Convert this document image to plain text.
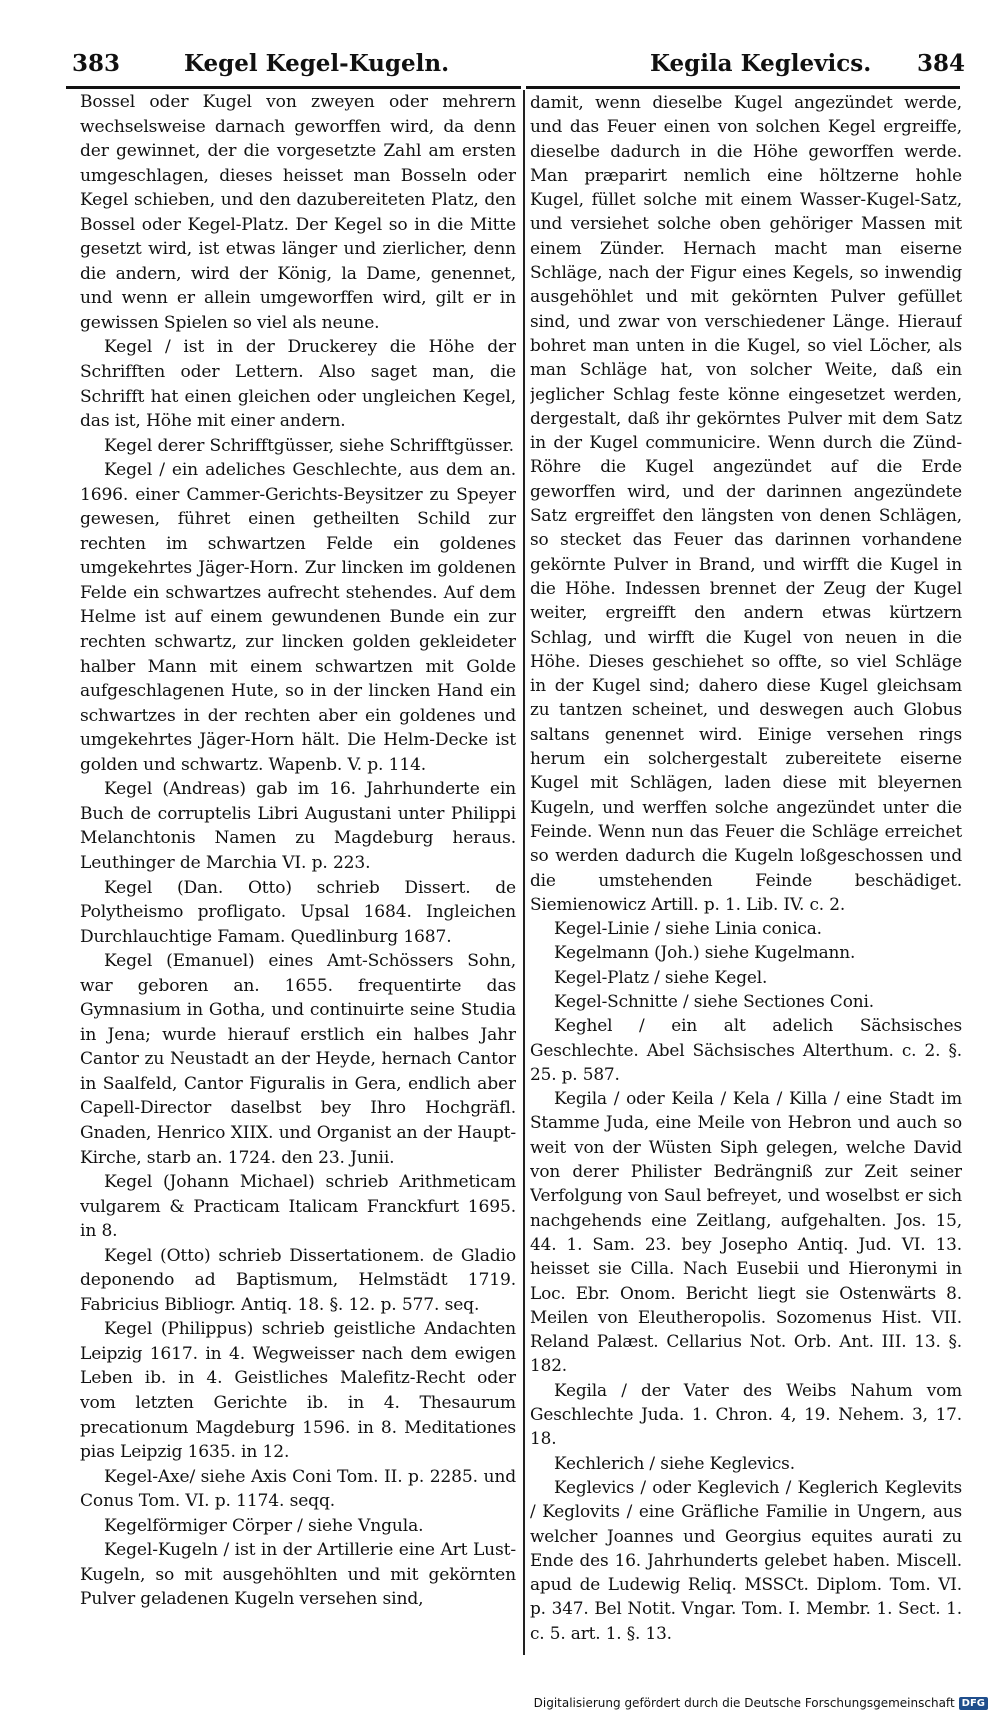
383	Kegel Kegel-Kugeln.	Kegila Keglevics. 384

Bossel oder Kugel von zweyen oder mehrern wechselsweise darnach geworffen wird, da denn der gewinnet, der die vorgesetzte Zahl am ersten umgeschlagen, dieses heisset man Bosseln oder Kegel schieben, und den dazubereiteten Platz, den Bossel oder Kegel-Platz. Der Kegel so in die Mitte gesetzt wird, ist etwas länger und zierlicher, denn die andern, wird der König, la Dame, genennet, und wenn er allein umgeworffen wird, gilt er in gewissen Spielen so viel als neune.

Kegel / ist in der Druckerey die Höhe der Schrifften oder Lettern. Also saget man, die Schrifft hat einen gleichen oder ungleichen Kegel, das ist, Höhe mit einer andern.

Kegel derer Schrifftgüsser, siehe Schrifftgüsser.

Kegel / ein adeliches Geschlechte, aus dem an. 1696. einer Cammer-Gerichts-Beysitzer zu Speyer gewesen, führet einen getheilten Schild zur rechten im schwartzen Felde ein goldenes umgekehrtes Jäger-Horn. Zur lincken im goldenen Felde ein schwartzes aufrecht stehendes. Auf dem Helme ist auf einem gewundenen Bunde ein zur rechten schwartz, zur lincken golden gekleideter halber Mann mit einem schwartzen mit Golde aufgeschlagenen Hute, so in der lincken Hand ein schwartzes in der rechten aber ein goldenes und umgekehrtes Jäger-Horn hält. Die Helm-Decke ist golden und schwartz. Wapenb. V. p. 114.

Kegel (Andreas) gab im 16. Jahrhunderte ein Buch de corruptelis Libri Augustani unter Philippi Melanchtonis Namen zu Magdeburg heraus. Leuthinger de Marchia VI. p. 223.

Kegel (Dan. Otto) schrieb Dissert. de Polytheismo profligato. Upsal 1684. Ingleichen Durchlauchtige Famam. Quedlinburg 1687.

Kegel (Emanuel) eines Amt-Schössers Sohn, war geboren an. 1655. frequentirte das Gymnasium in Gotha, und continuirte seine Studia in Jena; wurde hierauf erstlich ein halbes Jahr Cantor zu Neustadt an der Heyde, hernach Cantor in Saalfeld, Cantor Figuralis in Gera, endlich aber Capell-Director daselbst bey Ihro Hochgräfl. Gnaden, Henrico XIIX. und Organist an der Haupt-Kirche, starb an. 1724. den 23. Junii.

Kegel (Johann Michael) schrieb Arithmeticam vulgarem & Practicam Italicam Franckfurt 1695. in 8.

Kegel (Otto) schrieb Dissertationem. de Gladio deponendo ad Baptismum, Helmstädt 1719. Fabricius Bibliogr. Antiq. 18. §. 12. p. 577. seq.

Kegel (Philippus) schrieb geistliche Andachten Leipzig 1617. in 4. Wegweisser nach dem ewigen Leben ib. in 4. Geistliches Malefitz-Recht oder vom letzten Gerichte ib. in 4. Thesaurum precationum Magdeburg 1596. in 8. Meditationes pias Leipzig 1635. in 12.

Kegel-Axe/ siehe Axis Coni Tom. II. p. 2285. und Conus Tom. VI. p. 1174. seqq.

Kegelförmiger Cörper / siehe Vngula.

Kegel-Kugeln / ist in der Artillerie eine Art Lust-Kugeln, so mit ausgehöhlten und mit gekörnten Pulver geladenen Kugeln versehen sind,

damit, wenn dieselbe Kugel angezündet werde, und das Feuer einen von solchen Kegel ergreiffe, dieselbe dadurch in die Höhe geworffen werde. Man præparirt nemlich eine höltzerne hohle Kugel, füllet solche mit einem Wasser-Kugel-Satz, und versiehet solche oben gehöriger Massen mit einem Zünder. Hernach macht man eiserne Schläge, nach der Figur eines Kegels, so inwendig ausgehöhlet und mit gekörnten Pulver gefüllet sind, und zwar von verschiedener Länge. Hierauf bohret man unten in die Kugel, so viel Löcher, als man Schläge hat, von solcher Weite, daß ein jeglicher Schlag feste könne eingesetzet werden, dergestalt, daß ihr gekörntes Pulver mit dem Satz in der Kugel communicire. Wenn durch die Zünd-Röhre die Kugel angezündet auf die Erde geworffen wird, und der darinnen angezündete Satz ergreiffet den längsten von denen Schlägen, so stecket das Feuer das darinnen vorhandene gekörnte Pulver in Brand, und wirfft die Kugel in die Höhe. Indessen brennet der Zeug der Kugel weiter, ergreifft den andern etwas kürtzern Schlag, und wirfft die Kugel von neuen in die Höhe. Dieses geschiehet so offte, so viel Schläge in der Kugel sind; dahero diese Kugel gleichsam zu tantzen scheinet, und deswegen auch Globus saltans genennet wird. Einige versehen rings herum ein solchergestalt zubereitete eiserne Kugel mit Schlägen, laden diese mit bleyernen Kugeln, und werffen solche angezündet unter die Feinde. Wenn nun das Feuer die Schläge erreichet so werden dadurch die Kugeln loßgeschossen und die umstehenden Feinde beschädiget. Siemienowicz Artill. p. 1. Lib. IV. c. 2.

Kegel-Linie / siehe Linia conica.

Kegelmann (Joh.) siehe Kugelmann.

Kegel-Platz / siehe Kegel.

Kegel-Schnitte / siehe Sectiones Coni.

Keghel / ein alt adelich Sächsisches Geschlechte. Abel Sächsisches Alterthum. c. 2. §. 25. p. 587.

Kegila / oder Keila / Kela / Killa / eine Stadt im Stamme Juda, eine Meile von Hebron und auch so weit von der Wüsten Siph gelegen, welche David von derer Philister Bedrängniß zur Zeit seiner Verfolgung von Saul befreyet, und woselbst er sich nachgehends eine Zeitlang, aufgehalten. Jos. 15, 44. 1. Sam. 23. bey Josepho Antiq. Jud. VI. 13. heisset sie Cilla. Nach Eusebii und Hieronymi in Loc. Ebr. Onom. Bericht liegt sie Ostenwärts 8. Meilen von Eleutheropolis. Sozomenus Hist. VII. Reland Palæst. Cellarius Not. Orb. Ant. III. 13. §. 182.

Kegila / der Vater des Weibs Nahum vom Geschlechte Juda. 1. Chron. 4, 19. Nehem. 3, 17. 18.

Kechlerich / siehe Keglevics.

Keglevics / oder Keglevich / Keglerich Keglevits / Keglovits / eine Gräfliche Familie in Ungern, aus welcher Joannes und Georgius equites aurati zu Ende des 16. Jahrhunderts gelebet haben. Miscell. apud de Ludewig Reliq. MSSCt. Diplom. Tom. VI. p. 347. Bel Notit. Vngar. Tom. I. Membr. 1. Sect. 1. c. 5. art. 1. §. 13.

Digitalisierung gefördert durch die Deutsche Forschungsgemeinschaft DFG
